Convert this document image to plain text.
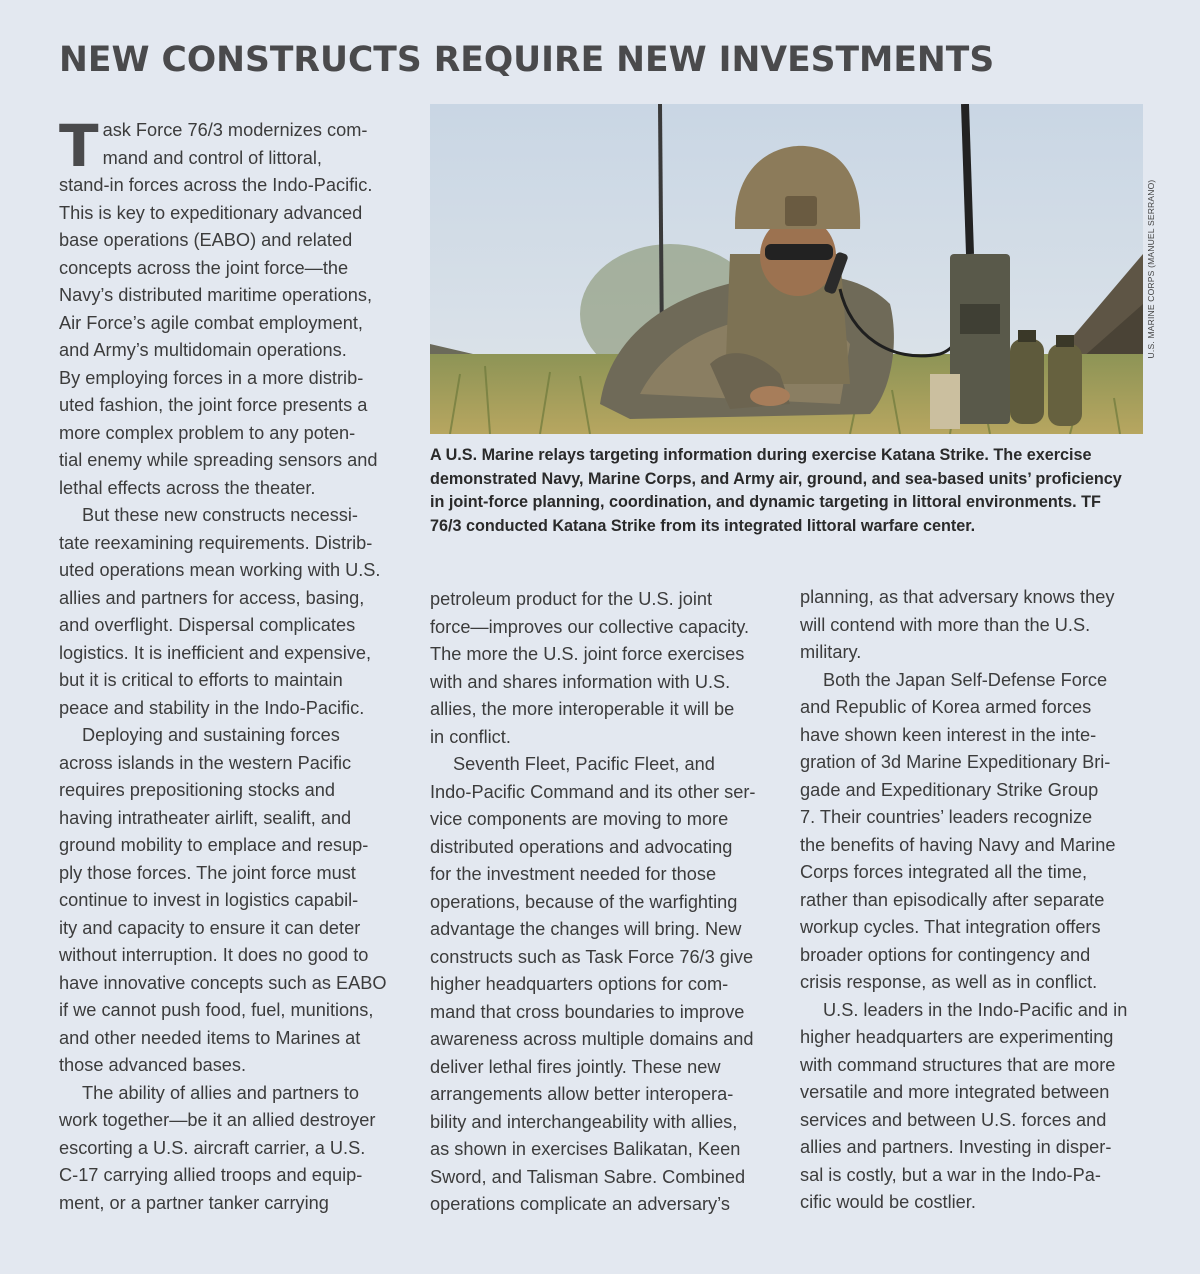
NEW CONSTRUCTS REQUIRE NEW INVESTMENTS

T ask Force 76/3 modernizes com-
mand and control of littoral,
stand-in forces across the Indo-Pacific.
This is key to expeditionary advanced
base operations (EABO) and related
concepts across the joint force—the
Navy’s distributed maritime operations,
Air Force’s agile combat employment,
and Army’s multidomain operations.
By employing forces in a more distrib-
uted fashion, the joint force presents a
more complex problem to any poten-
tial enemy while spreading sensors and
lethal effects across the theater.

But these new constructs necessi-
tate reexamining requirements. Distrib-
uted operations mean working with U.S.
allies and partners for access, basing,
and overflight. Dispersal complicates
logistics. It is inefficient and expensive,
but it is critical to efforts to maintain
peace and stability in the Indo-Pacific.

Deploying and sustaining forces
across islands in the western Pacific
requires prepositioning stocks and
having intratheater airlift, sealift, and
ground mobility to emplace and resup-
ply those forces. The joint force must
continue to invest in logistics capabil-
ity and capacity to ensure it can deter
without interruption. It does no good to
have innovative concepts such as EABO
if we cannot push food, fuel, munitions,
and other needed items to Marines at
those advanced bases.

The ability of allies and partners to
work together—be it an allied destroyer
escorting a U.S. aircraft carrier, a U.S.
C-17 carrying allied troops and equip-
ment, or a partner tanker carrying

U.S. MARINE CORPS (MANUEL SERRANO)

A U.S. Marine relays targeting information during exercise Katana Strike. The exercise
demonstrated Navy, Marine Corps, and Army air, ground, and sea-based units’ proficiency
in joint-force planning, coordination, and dynamic targeting in littoral environments. TF
76/3 conducted Katana Strike from its integrated littoral warfare center.

petroleum product for the U.S. joint
force—improves our collective capacity.
The more the U.S. joint force exercises
with and shares information with U.S.
allies, the more interoperable it will be
in conflict.

Seventh Fleet, Pacific Fleet, and
Indo-Pacific Command and its other ser-
vice components are moving to more
distributed operations and advocating
for the investment needed for those
operations, because of the warfighting
advantage the changes will bring. New
constructs such as Task Force 76/3 give
higher headquarters options for com-
mand that cross boundaries to improve
awareness across multiple domains and
deliver lethal fires jointly. These new
arrangements allow better interopera-
bility and interchangeability with allies,
as shown in exercises Balikatan, Keen
Sword, and Talisman Sabre. Combined
operations complicate an adversary’s

planning, as that adversary knows they
will contend with more than the U.S.
military.

Both the Japan Self-Defense Force
and Republic of Korea armed forces
have shown keen interest in the inte-
gration of 3d Marine Expeditionary Bri-
gade and Expeditionary Strike Group
7. Their countries’ leaders recognize
the benefits of having Navy and Marine
Corps forces integrated all the time,
rather than episodically after separate
workup cycles. That integration offers
broader options for contingency and
crisis response, as well as in conflict.

U.S. leaders in the Indo-Pacific and in
higher headquarters are experimenting
with command structures that are more
versatile and more integrated between
services and between U.S. forces and
allies and partners. Investing in disper-
sal is costly, but a war in the Indo-Pa-
cific would be costlier.
